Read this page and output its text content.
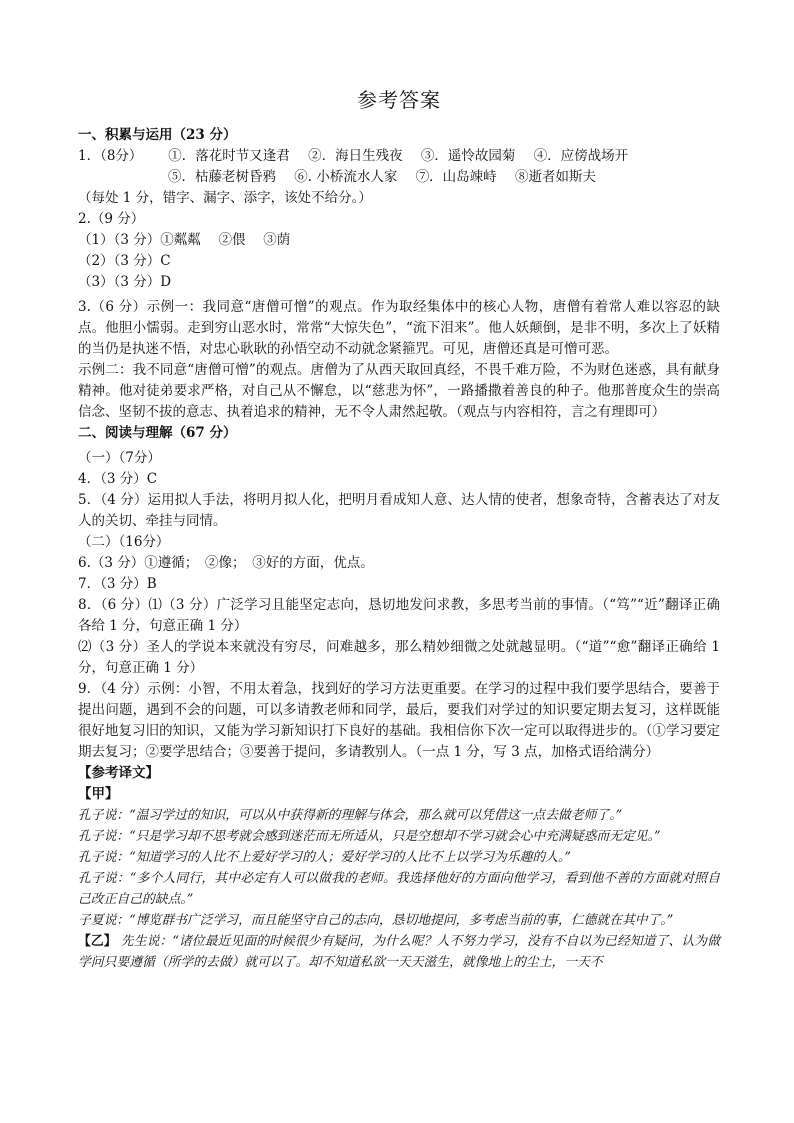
参考答案
一、积累与运用（23 分）
1．（8分） ①．落花时节又逢君 ②．海日生残夜 ③．遥怜故园菊 ④．应傍战场开
⑤．枯藤老树昏鸦 ⑥. 小桥流水人家 ⑦．山岛竦峙 ⑧逝者如斯夫
（每处 1 分，错字、漏字、添字，该处不给分。）
2.（9 分）
（1）（3 分）①粼粼　 ②偎　 ③荫
（2）（3 分）C
（3）（3 分）D
3.（6 分）示例一：我同意“唐僧可憎”的观点。作为取经集体中的核心人物，唐僧有着常人难以容忍的缺点。他胆小懦弱。走到穷山恶水时，常常“大惊失色”，“流下泪来”。他人妖颠倒，是非不明，多次上了妖精的当仍是执迷不悟，对忠心耿耿的孙悟空动不动就念紧箍咒。可见，唐僧还真是可憎可恶。
示例二：我不同意“唐僧可憎”的观点。唐僧为了从西天取回真经，不畏千难万险，不为财色迷惑，具有献身精神。他对徒弟要求严格，对自己从不懈怠，以“慈悲为怀”，一路播撒着善良的种子。他那普度众生的崇高信念、坚韧不拔的意志、执着追求的精神，无不令人肃然起敬。（观点与内容相符，言之有理即可）
二、阅读与理解（67 分）
（一）（7分）
4．（3 分）C
5．（4 分）运用拟人手法，将明月拟人化，把明月看成知人意、达人情的使者，想象奇特，含蓄表达了对友人的关切、牵挂与同情。
（二）（16分）
6.（3 分）①遵循；　②像；　③好的方面，优点。
7．（3 分）B
8．（6 分）⑴（3 分）广泛学习且能坚定志向，恳切地发问求教，多思考当前的事情。（“笃”“近”翻译正确各给 1 分，句意正确 1 分）
⑵（3 分）圣人的学说本来就没有穷尽，问难越多，那么精妙细微之处就越显明。（“道”“愈”翻译正确给 1 分，句意正确 1 分）
9．（4 分）示例：小智，不用太着急，找到好的学习方法更重要。在学习的过程中我们要学思结合，要善于提出问题，遇到不会的问题，可以多请教老师和同学，最后，要我们对学过的知识要定期去复习，这样既能很好地复习旧的知识，又能为学习新知识打下良好的基础。我相信你下次一定可以取得进步的。（①学习要定期去复习；②要学思结合；③要善于提问，多请教别人。（一点 1 分，写 3 点，加格式语给满分）
【参考译文】
【甲】
孔子说：“温习学过的知识，可以从中获得新的理解与体会，那么就可以凭借这一点去做老师了。”
孔子说：“只是学习却不思考就会感到迷茫而无所适从，只是空想却不学习就会心中充满疑惑而无定见。”
孔子说：“知道学习的人比不上爱好学习的人；爱好学习的人比不上以学习为乐趣的人。”
孔子说：“多个人同行，其中必定有人可以做我的老师。我选择他好的方面向他学习，看到他不善的方面就对照自己改正自己的缺点。”
子夏说：“博览群书广泛学习，而且能坚守自己的志向，恳切地提问，多考虑当前的事，仁德就在其中了。”
【乙】 先生说：“诸位最近见面的时候很少有疑问，为什么呢？人不努力学习，没有不自以为已经知道了、认为做学问只要遵循（所学的去做）就可以了。却不知道私欲一天天滋生，就像地上的尘土，一天不
